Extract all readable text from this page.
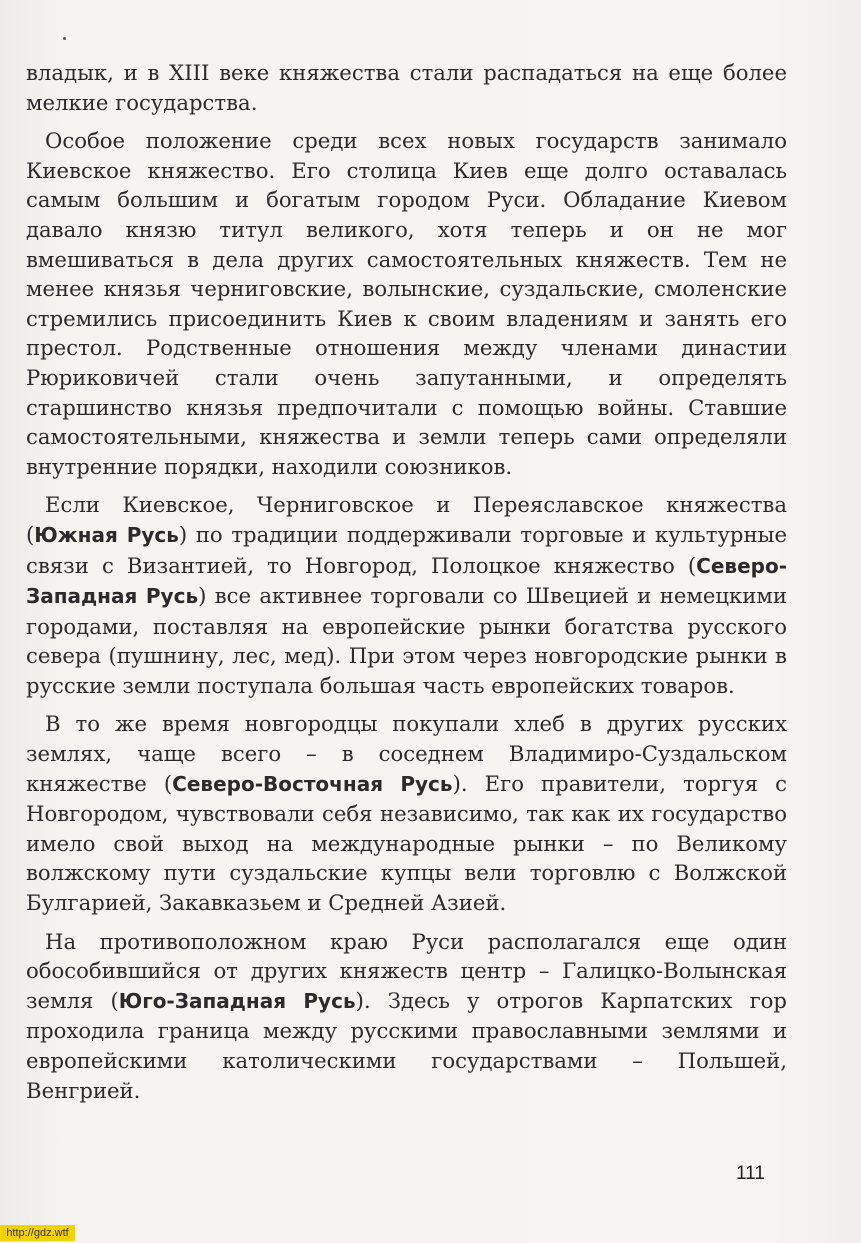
владык, и в XIII веке княжества стали распадаться на еще более мелкие государства.

Особое положение среди всех новых государств занимало Киевское княжество. Его столица Киев еще долго оставалась самым большим и богатым городом Руси. Обладание Киевом давало князю титул великого, хотя теперь и он не мог вмешиваться в дела других самостоятельных княжеств. Тем не менее князья черниговские, волынские, суздальские, смоленские стремились присоединить Киев к своим владениям и занять его престол. Родственные отношения между членами династии Рюриковичей стали очень запутанными, и определять старшинство князья предпочитали с помощью войны. Ставшие самостоятельными, княжества и земли теперь сами определяли внутренние порядки, находили союзников.

Если Киевское, Черниговское и Переяславское княжества (Южная Русь) по традиции поддерживали торговые и культурные связи с Византией, то Новгород, Полоцкое княжество (Северо-Западная Русь) все активнее торговали со Швецией и немецкими городами, поставляя на европейские рынки богатства русского севера (пушнину, лес, мед). При этом через новгородские рынки в русские земли поступала большая часть европейских товаров.

В то же время новгородцы покупали хлеб в других русских землях, чаще всего – в соседнем Владимиро-Суздальском княжестве (Северо-Восточная Русь). Его правители, торгуя с Новгородом, чувствовали себя независимо, так как их государство имело свой выход на международные рынки – по Великому волжскому пути суздальские купцы вели торговлю с Волжской Булгарией, Закавказьем и Средней Азией.

На противоположном краю Руси располагался еще один обособившийся от других княжеств центр – Галицко-Волынская земля (Юго-Западная Русь). Здесь у отрогов Карпатских гор проходила граница между русскими православными землями и европейскими католическими государствами – Польшей, Венгрией.

111
http://gdz.wtf
